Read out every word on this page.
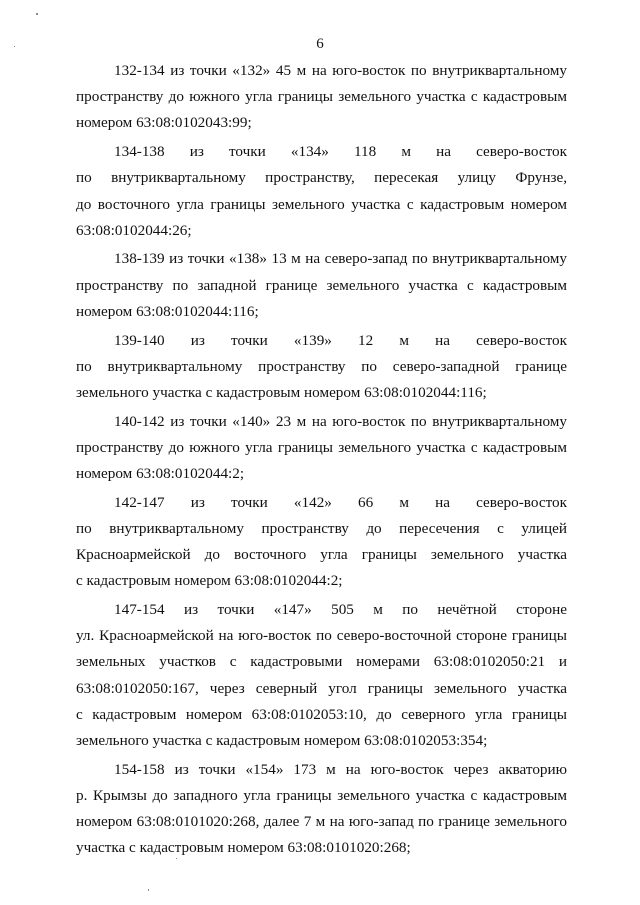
6
132-134 из точки «132» 45 м на юго-восток по внутриквартальному
пространству до южного угла границы земельного участка с кадастровым
номером 63:08:0102043:99;
134-138 из точки «134» 118 м на северо-восток
по внутриквартальному пространству, пересекая улицу Фрунзе,
до восточного угла границы земельного участка с кадастровым номером
63:08:0102044:26;
138-139 из точки «138» 13 м на северо-запад по внутриквартальному
пространству по западной границе земельного участка с кадастровым
номером 63:08:0102044:116;
139-140 из точки «139» 12 м на северо-восток
по внутриквартальному пространству по северо-западной границе
земельного участка с кадастровым номером 63:08:0102044:116;
140-142 из точки «140» 23 м на юго-восток по внутриквартальному
пространству до южного угла границы земельного участка с кадастровым
номером 63:08:0102044:2;
142-147 из точки «142» 66 м на северо-восток
по внутриквартальному пространству до пересечения с улицей
Красноармейской до восточного угла границы земельного участка
с кадастровым номером 63:08:0102044:2;
147-154 из точки «147» 505 м по нечётной стороне
ул. Красноармейской на юго-восток по северо-восточной стороне границы
земельных участков с кадастровыми номерами 63:08:0102050:21 и
63:08:0102050:167, через северный угол границы земельного участка
с кадастровым номером 63:08:0102053:10, до северного угла границы
земельного участка с кадастровым номером 63:08:0102053:354;
154-158 из точки «154» 173 м на юго-восток через акваторию
р. Крымзы до западного угла границы земельного участка с кадастровым
номером 63:08:0101020:268, далее 7 м на юго-запад по границе земельного
участка с кадастровым номером 63:08:0101020:268;
